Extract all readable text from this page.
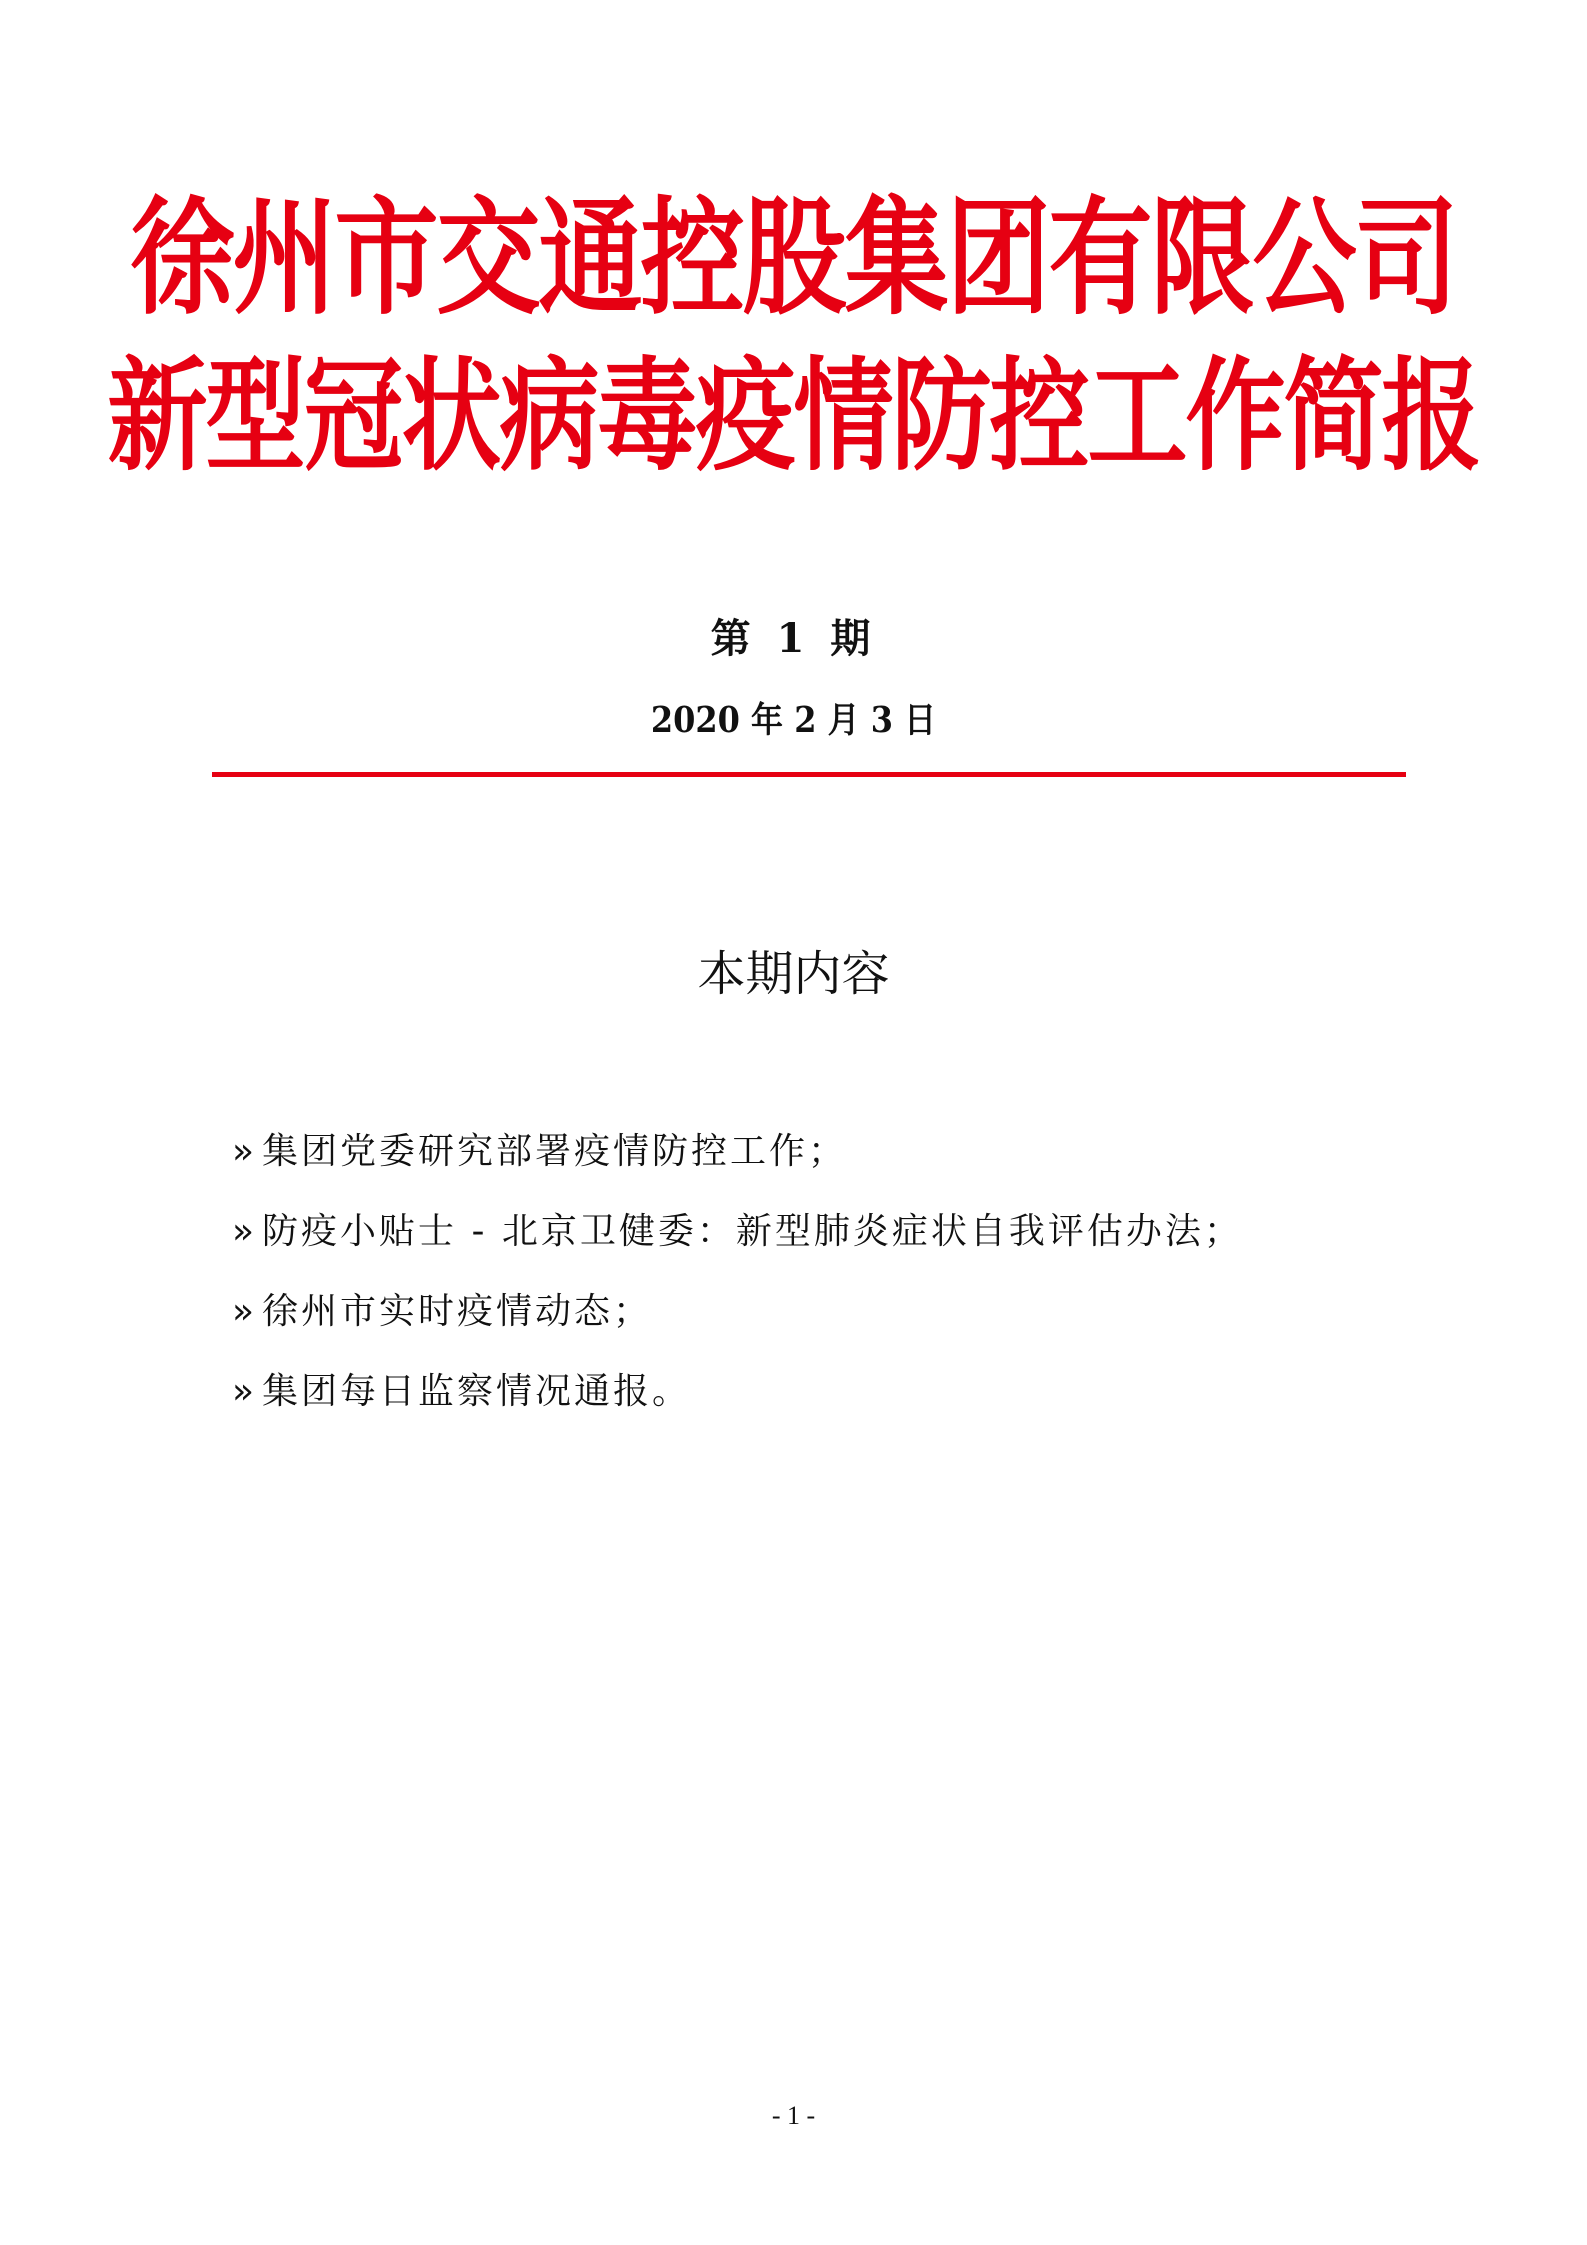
徐州市交通控股集团有限公司
新型冠状病毒疫情防控工作简报
第 1 期
2020 年 2 月 3 日
本期内容
» 集团党委研究部署疫情防控工作；
» 防疫小贴士 - 北京卫健委：新型肺炎症状自我评估办法；
» 徐州市实时疫情动态；
» 集团每日监察情况通报。
- 1 -
